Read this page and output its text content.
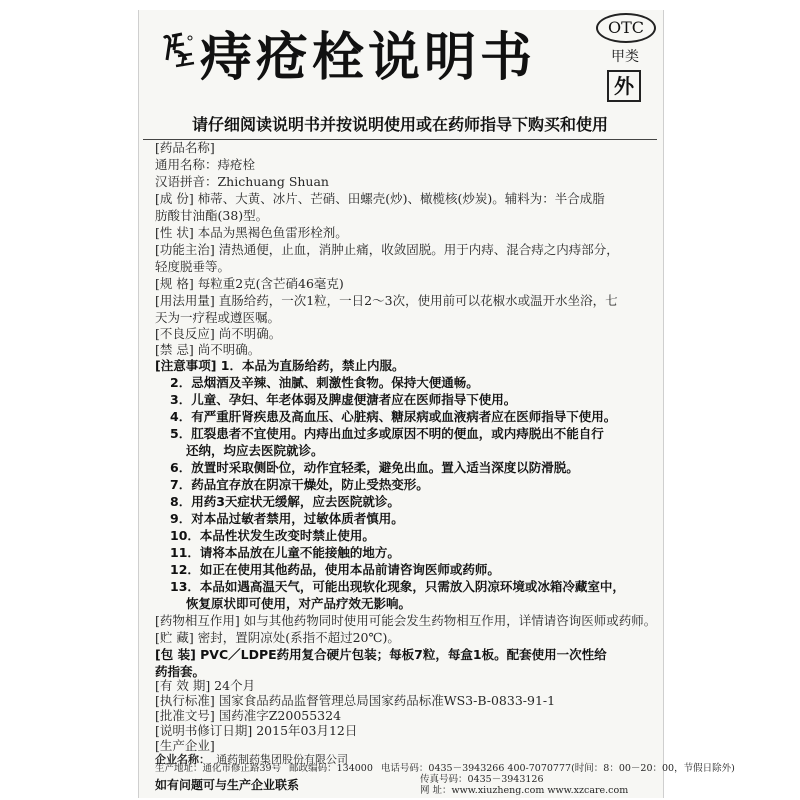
痔疮栓说明书
OTC
甲类
外
请仔细阅读说明书并按说明使用或在药师指导下购买和使用
[药品名称]
通用名称：痔疮栓
汉语拼音：Zhichuang Shuan
[成 份] 柿蒂、大黄、冰片、芒硝、田螺壳(炒)、橄榄核(炒炭)。辅料为：半合成脂
肪酸甘油酯(38)型。
[性 状] 本品为黑褐色鱼雷形栓剂。
[功能主治] 清热通便，止血，消肿止痛，收敛固脱。用于内痔、混合痔之内痔部分，
轻度脱垂等。
[规 格] 每粒重2克(含芒硝46毫克)
[用法用量] 直肠给药，一次1粒，一日2～3次，使用前可以花椒水或温开水坐浴，七
天为一疗程或遵医嘱。
[不良反应] 尚不明确。
[禁 忌] 尚不明确。
[注意事项] 1．本品为直肠给药，禁止内服。
2．忌烟酒及辛辣、油腻、刺激性食物。保持大便通畅。
3．儿童、孕妇、年老体弱及脾虚便溏者应在医师指导下使用。
4．有严重肝肾疾患及高血压、心脏病、糖尿病或血液病者应在医师指导下使用。
5．肛裂患者不宜使用。内痔出血过多或原因不明的便血，或内痔脱出不能自行
还纳，均应去医院就诊。
6．放置时采取侧卧位，动作宜轻柔，避免出血。置入适当深度以防滑脱。
7．药品宜存放在阴凉干燥处，防止受热变形。
8．用药3天症状无缓解，应去医院就诊。
9．对本品过敏者禁用，过敏体质者慎用。
10．本品性状发生改变时禁止使用。
11．请将本品放在儿童不能接触的地方。
12．如正在使用其他药品，使用本品前请咨询医师或药师。
13．本品如遇高温天气，可能出现软化现象，只需放入阴凉环境或冰箱冷藏室中，
恢复原状即可使用，对产品疗效无影响。
[药物相互作用] 如与其他药物同时使用可能会发生药物相互作用，详情请咨询医师或药师。
[贮 藏] 密封，置阴凉处(系指不超过20℃)。
[包 装] PVC／LDPE药用复合硬片包装；每板7粒，每盒1板。配套使用一次性给
药指套。
[有 效 期] 24个月
[执行标准] 国家食品药品监督管理总局国家药品标准WS3-B-0833-91-1
[批准文号] 国药准字Z20055324
[说明书修订日期] 2015年03月12日
[生产企业]
企业名称： 通药制药集团股份有限公司
如有问题可与生产企业联系
生产地址：通化市修正路39号 邮政编码：134000 电话号码：0435－3943266 400-7070777(时间：8：00－20：00，节假日除外)
传真号码：0435－3943126
网 址：www.xiuzheng.com www.xzcare.com
